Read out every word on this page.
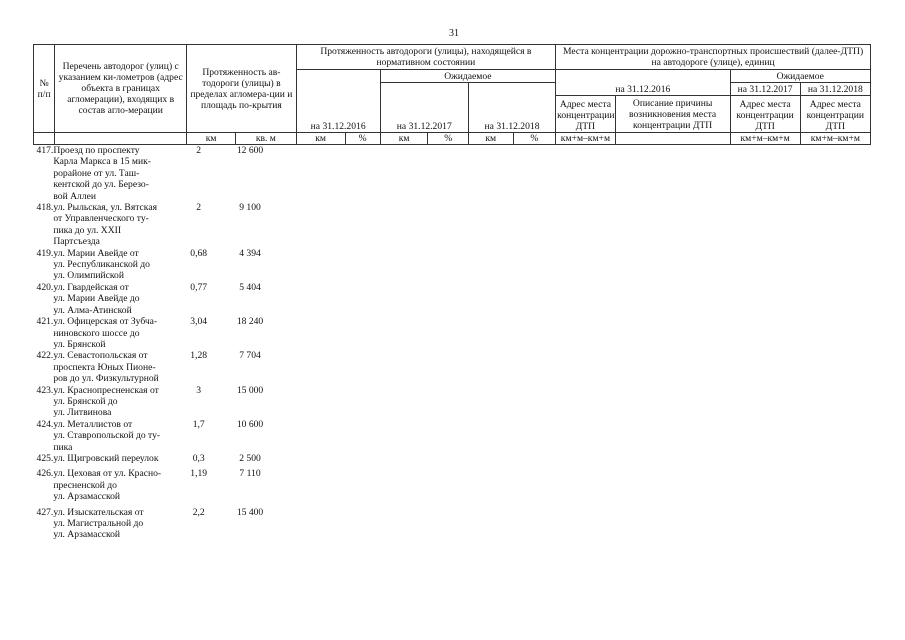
31
№
п/п	Перечень автодорог (улиц) с указанием ки-лометров (адрес объекта в границах агломерации), входящих в состав агло-мерации	Протяженность ав-тодороги (улицы) в пределах агломера-ции и площадь по-крытия		Протяженность автодороги (улицы), находящейся в нормативном состоянии						Места концентрации дорожно-транспортных происшествий (далее-ДТП) на автодороге (улице), единиц			
				на 31.12.2016		Ожидаемое				на 31.12.2016		Ожидаемое	
						на 31.12.2017		на 31.12.2018				на 31.12.2017	на 31.12.2018
										Адрес места концентрации ДТП	Описание причины возникновения места концентрации ДТП	Адрес места концентрации ДТП	Адрес места концентрации ДТП
		км	кв. м	км	%	км	%	км	%	км+м–км+м		км+м–км+м	км+м–км+м
417.	Проезд по проспекту
Карла Маркса в 15 мик-
рорайоне от ул. Таш-
кентской до ул. Березо-
вой Аллеи	2	12 600
418.	ул. Рыльская, ул. Вятская
от Управленческого ту-
пика до ул. XXII
Партсъезда	2	9 100
419.	ул. Марии Авейде от
ул. Республиканской до
ул. Олимпийской	0,68	4 394
420.	ул. Гвардейская от
ул. Марии Авейде до
ул. Алма-Атинской	0,77	5 404
421.	ул. Офицерская от Зубча-
ниновского шоссе до
ул. Брянской	3,04	18 240
422.	ул. Севастопольская от
проспекта Юных Пионе-
ров до ул. Физкультурной	1,28	7 704
423.	ул. Краснопресненская от
ул. Брянской до
ул. Литвинова	3	15 000
424.	ул. Металлистов от
ул. Ставропольской до ту-
пика	1,7	10 600
425.	ул. Щигровский переулок	0,3	2 500
426.	ул. Цеховая от ул. Красно-
пресненской до
ул. Арзамасской	1,19	7 110
427.	ул. Изыскательская от
ул. Магистральной до
ул. Арзамасской	2,2	15 400
